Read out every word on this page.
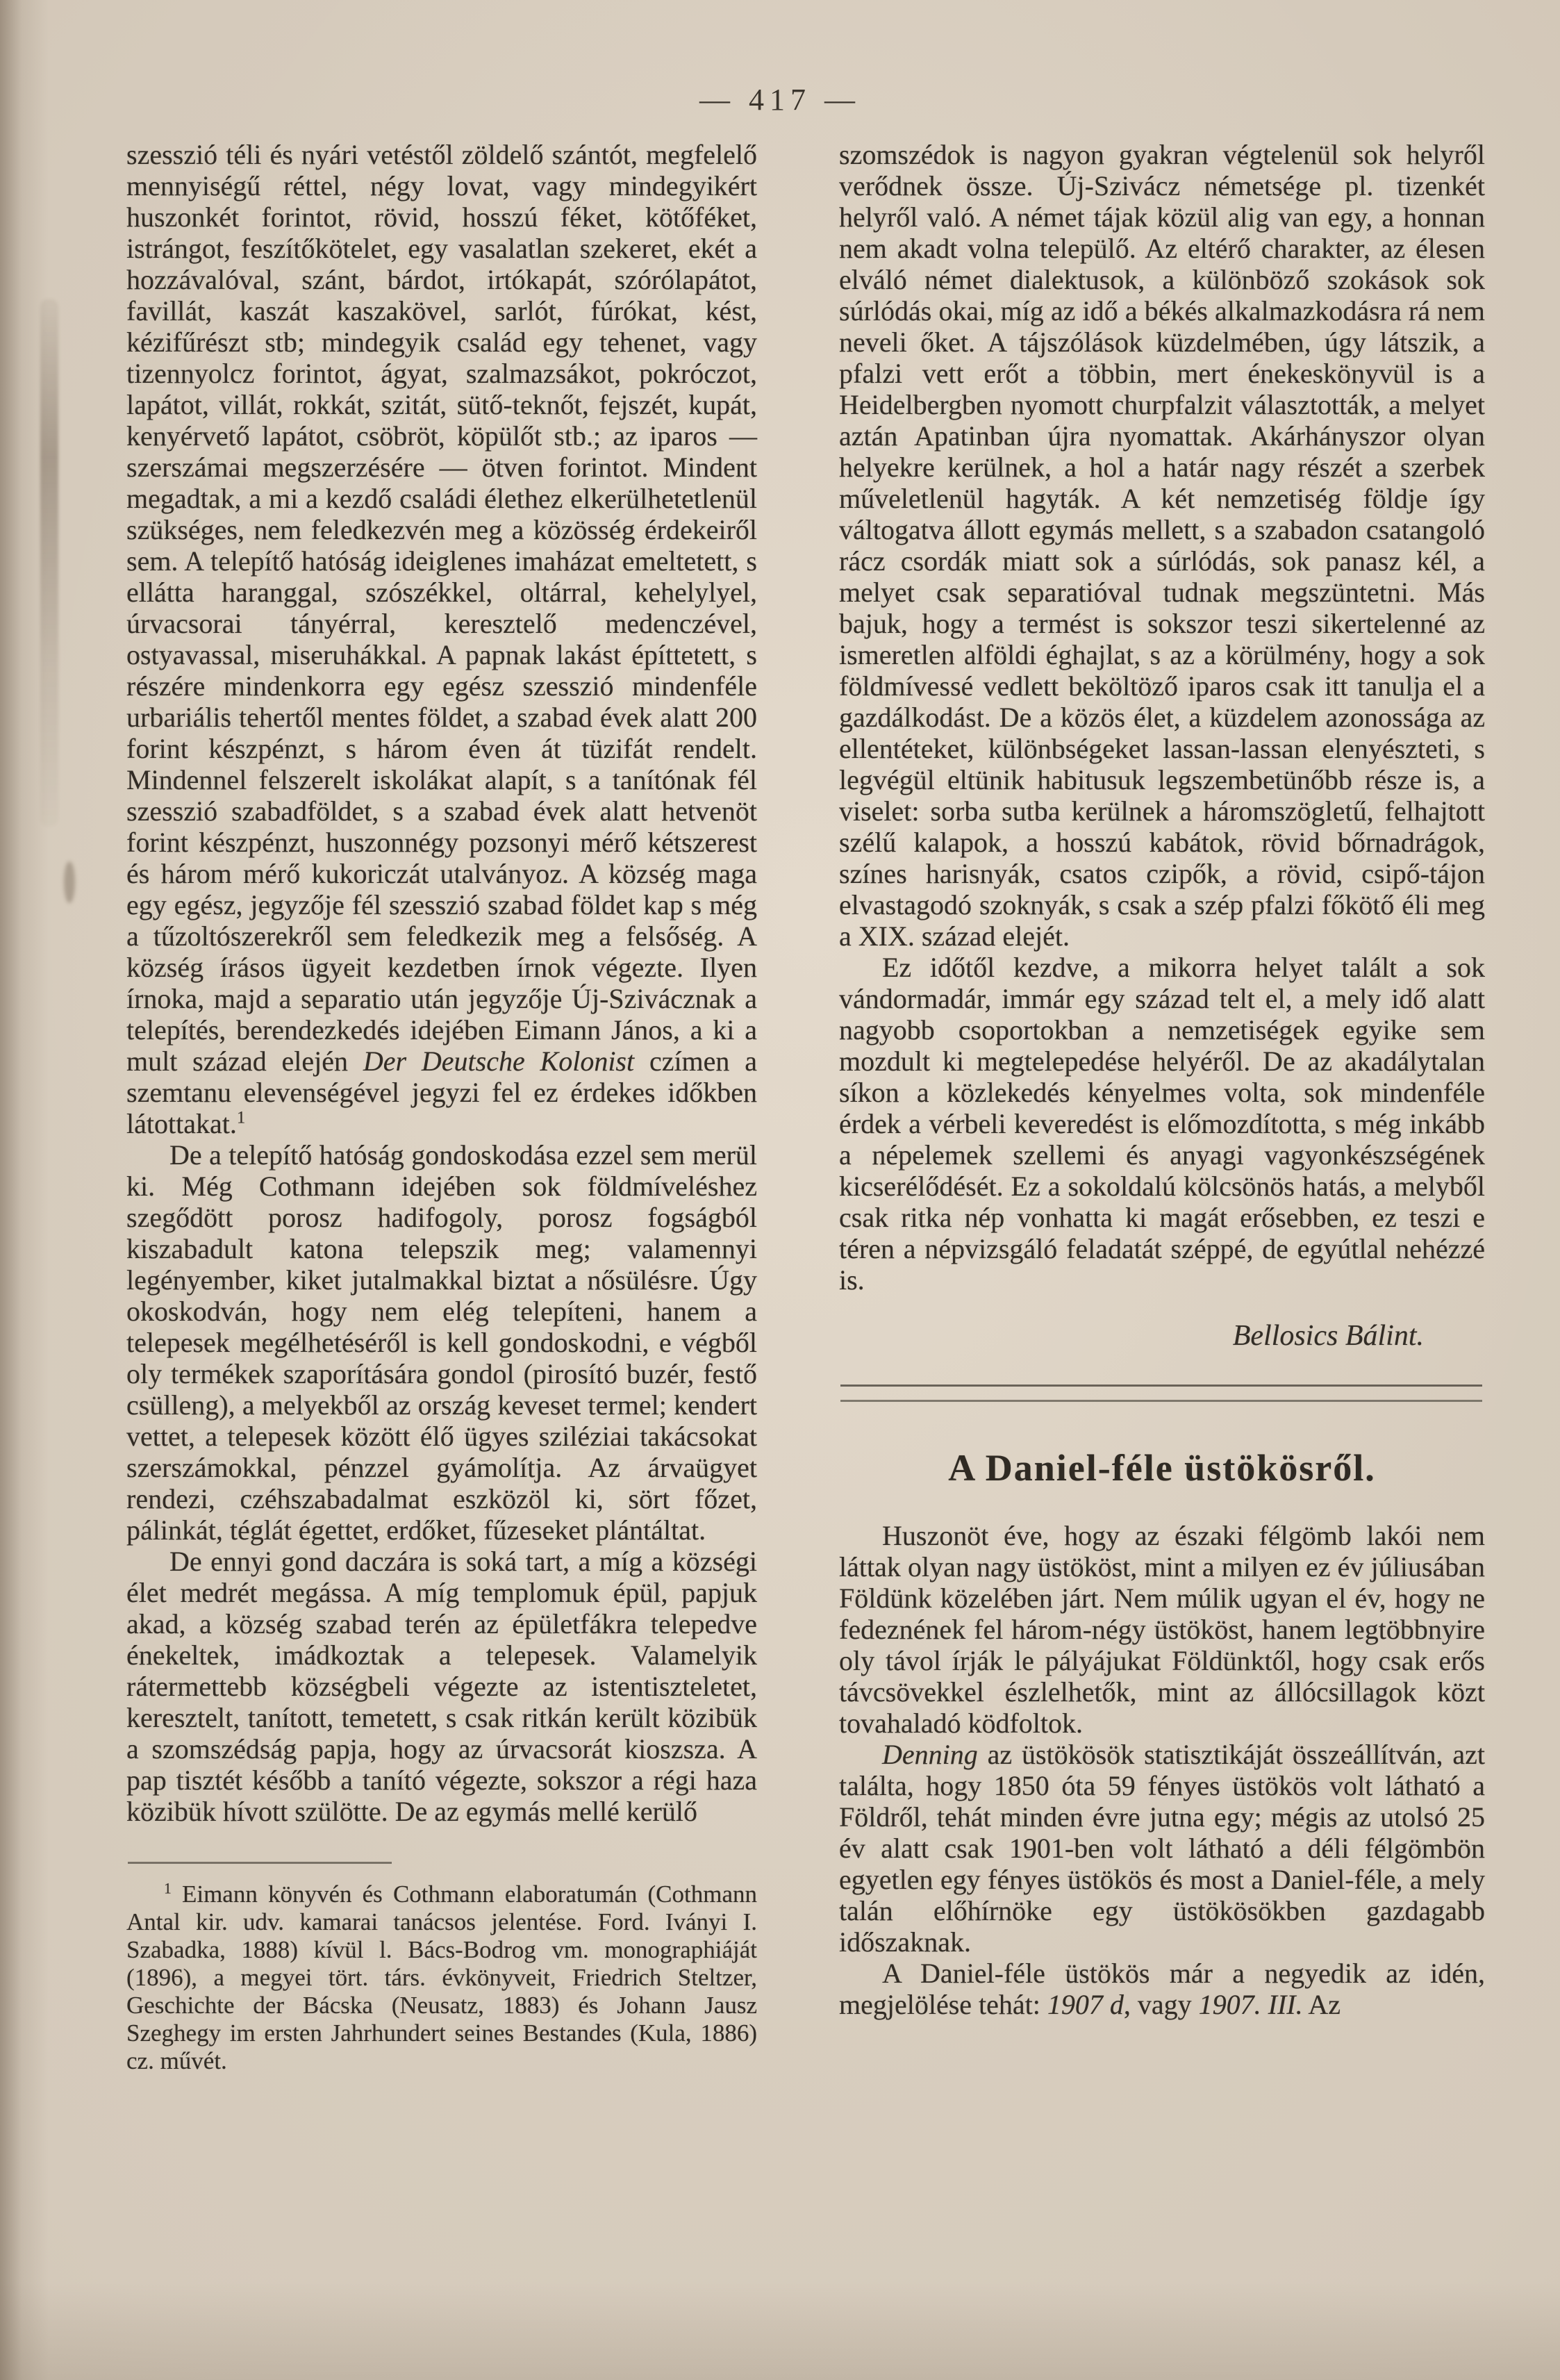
— 417 —

szesszió téli és nyári vetéstől zöldelő szántót, megfelelő mennyiségű réttel, négy lovat, vagy mindegyikért huszonkét forintot, rövid, hosszú féket, kötőféket, istrángot, feszítőkötelet, egy vasalatlan szekeret, ekét a hozzávalóval, szánt, bárdot, irtókapát, szórólapátot, favillát, kaszát kaszakövel, sarlót, fúrókat, kést, kézifűrészt stb; mindegyik család egy tehenet, vagy tizennyolcz forintot, ágyat, szalmazsákot, pokróczot, lapátot, villát, rokkát, szitát, sütő-teknőt, fejszét, kupát, kenyérvető lapátot, csöbröt, köpülőt stb.; az iparos — szerszámai megszerzésére — ötven forintot. Mindent megadtak, a mi a kezdő családi élethez elkerülhetetlenül szükséges, nem feledkezvén meg a közösség érdekeiről sem. A telepítő hatóság ideiglenes imaházat emeltetett, s ellátta haranggal, szószékkel, oltárral, kehelylyel, úrvacsorai tányérral, keresztelő medenczével, ostyavassal, miseruhákkal. A papnak lakást építtetett, s részére mindenkorra egy egész szesszió mindenféle urbariális tehertől mentes földet, a szabad évek alatt 200 forint készpénzt, s három éven át tüzifát rendelt. Mindennel felszerelt iskolákat alapít, s a tanítónak fél szesszió szabadföldet, s a szabad évek alatt hetvenöt forint készpénzt, huszonnégy pozsonyi mérő kétszerest és három mérő kukoriczát utalványoz. A község maga egy egész, jegyzője fél szesszió szabad földet kap s még a tűzoltószerekről sem feledkezik meg a felsőség. A község írásos ügyeit kezdetben írnok végezte. Ilyen írnoka, majd a separatio után jegyzője Új-Szivácznak a telepítés, berendezkedés idejében Eimann János, a ki a mult század elején Der Deutsche Kolonist czímen a szemtanu elevenségével jegyzi fel ez érdekes időkben látottakat.$^1$

De a telepítő hatóság gondoskodása ezzel sem merül ki. Még Cothmann idejében sok földmíveléshez szegődött porosz hadifogoly, porosz fogságból kiszabadult katona telepszik meg; valamennyi legényember, kiket jutalmakkal biztat a nősülésre. Úgy okoskodván, hogy nem elég telepíteni, hanem a telepesek megélhetéséről is kell gondoskodni, e végből oly termékek szaporítására gondol (pirosító buzér, festő csülleng), a melyekből az ország keveset termel; kendert vettet, a telepesek között élő ügyes sziléziai takácsokat szerszámokkal, pénzzel gyámolítja. Az árvaügyet rendezi, czéhszabadalmat eszközöl ki, sört főzet, pálinkát, téglát égettet, erdőket, fűzeseket plántáltat.

De ennyi gond daczára is soká tart, a míg a községi élet medrét megássa. A míg templomuk épül, papjuk akad, a község szabad terén az épületfákra telepedve énekeltek, imádkoztak a telepesek. Valamelyik rátermettebb községbeli végezte az istentiszteletet, keresztelt, tanított, temetett, s csak ritkán került közibük a szomszédság papja, hogy az úrvacsorát kioszsza. A pap tisztét később a tanító végezte, sokszor a régi haza közibük hívott szülötte. De az egymás mellé kerülő

$^1$ Eimann könyvén és Cothmann elaboratumán (Cothmann Antal kir. udv. kamarai tanácsos jelentése. Ford. Iványi I. Szabadka, 1888) kívül l. Bács-Bodrog vm. monographiáját (1896), a megyei tört. társ. évkönyveit, Friedrich Steltzer, Geschichte der Bácska (Neusatz, 1883) és Johann Jausz Szeghegy im ersten Jahrhundert seines Bestandes (Kula, 1886) cz. művét.

szomszédok is nagyon gyakran végtelenül sok helyről verődnek össze. Új-Szivácz németsége pl. tizenkét helyről való. A német tájak közül alig van egy, a honnan nem akadt volna települő. Az eltérő charakter, az élesen elváló német dialektusok, a különböző szokások sok súrlódás okai, míg az idő a békés alkalmazkodásra rá nem neveli őket. A tájszólások küzdelmében, úgy látszik, a pfalzi vett erőt a többin, mert énekeskönyvül is a Heidelbergben nyomott churpfalzit választották, a melyet aztán Apatinban újra nyomattak. Akárhányszor olyan helyekre kerülnek, a hol a határ nagy részét a szerbek műveletlenül hagyták. A két nemzetiség földje így váltogatva állott egymás mellett, s a szabadon csatangoló rácz csordák miatt sok a súrlódás, sok panasz kél, a melyet csak separatióval tudnak megszüntetni. Más bajuk, hogy a termést is sokszor teszi sikertelenné az ismeretlen alföldi éghajlat, s az a körülmény, hogy a sok földmívessé vedlett beköltöző iparos csak itt tanulja el a gazdálkodást. De a közös élet, a küzdelem azonossága az ellentéteket, különbségeket lassan-lassan elenyészteti, s legvégül eltünik habitusuk legszembetünőbb része is, a viselet: sorba sutba kerülnek a háromszögletű, felhajtott szélű kalapok, a hosszú kabátok, rövid bőrnadrágok, színes harisnyák, csatos czipők, a rövid, csipő-tájon elvastagodó szoknyák, s csak a szép pfalzi főkötő éli meg a XIX. század elejét.

Ez időtől kezdve, a mikorra helyet talált a sok vándormadár, immár egy század telt el, a mely idő alatt nagyobb csoportokban a nemzetiségek egyike sem mozdult ki megtelepedése helyéről. De az akadálytalan síkon a közlekedés kényelmes volta, sok mindenféle érdek a vérbeli keveredést is előmozdította, s még inkább a népelemek szellemi és anyagi vagyonkészségének kicserélődését. Ez a sokoldalú kölcsönös hatás, a melyből csak ritka nép vonhatta ki magát erősebben, ez teszi e téren a népvizsgáló feladatát széppé, de egyútlal nehézzé is.

Bellosics Bálint.

A Daniel-féle üstökösről.

Huszonöt éve, hogy az északi félgömb lakói nem láttak olyan nagy üstököst, mint a milyen ez év júliusában Földünk közelében járt. Nem múlik ugyan el év, hogy ne fedeznének fel három-négy üstököst, hanem legtöbbnyire oly távol írják le pályájukat Földünktől, hogy csak erős távcsövekkel észlelhetők, mint az állócsillagok közt tovahaladó ködfoltok.

Denning az üstökösök statisztikáját összeállítván, azt találta, hogy 1850 óta 59 fényes üstökös volt látható a Földről, tehát minden évre jutna egy; mégis az utolsó 25 év alatt csak 1901-ben volt látható a déli félgömbön egyetlen egy fényes üstökös és most a Daniel-féle, a mely talán előhírnöke egy üstökösökben gazdagabb időszaknak.

A Daniel-féle üstökös már a negyedik az idén, megjelölése tehát: 1907 d, vagy 1907. III. Az
